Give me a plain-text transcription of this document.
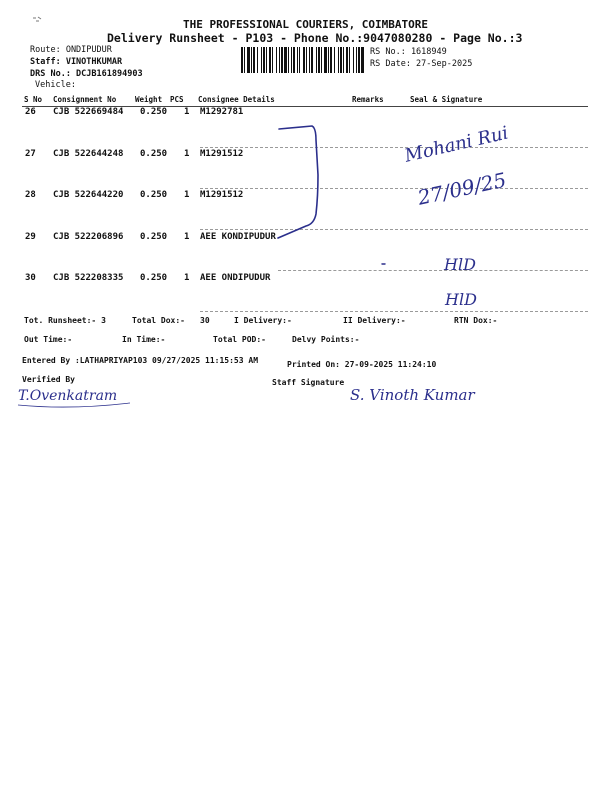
THE PROFESSIONAL COURIERS, COIMBATORE
Delivery Runsheet - P103 - Phone No.:9047080280 - Page No.:3
Route: ONDIPUDUR
Staff: VINOTHKUMAR
DRS No.: DCJB161894903
Vehicle:
RS No.: 1618949
RS Date: 27-Sep-2025
S No Consignment No	Weight PCS Consignee Details	Remarks	Seal & Signature
26 CJB 522669484 0.250 1 M1292781
27 CJB 522644248 0.250 1 M1291512
28 CJB 522644220 0.250 1 M1291512
29 CJB 522206896 0.250 1 AEE KONDIPUDUR
30 CJB 522208335 0.250 1 AEE ONDIPUDUR
Tot. Runsheet:- 3	Total Dox:- 30	I Delivery:-	II Delivery:-	RTN Dox:-
Out Time:-	In Time:-	Total POD:-	Delvy Points:-
Entered By :LATHAPRIYAP103 09/27/2025 11:15:53 AM	Printed On: 27-09-2025 11:24:10
Verified By	Staff Signature
Mohani Rui
27/09/25
HlD
HlD
T.Ovenkatram	S. Vinoth Kumar
